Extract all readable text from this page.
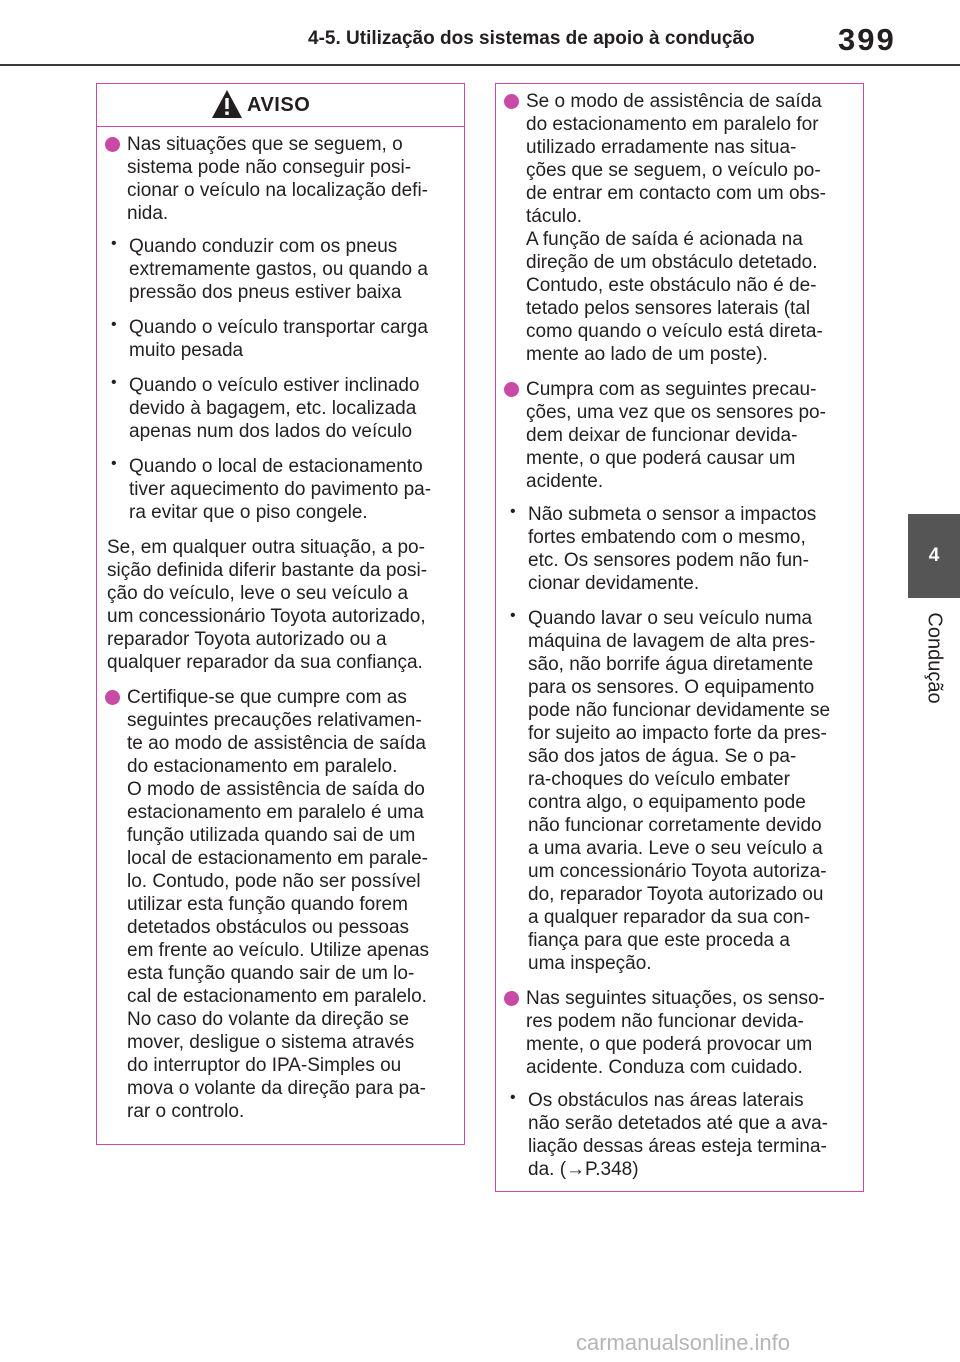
4-5. Utilização dos sistemas de apoio à condução	399
4
Condução
AVISO

Nas situações que se seguem, o
sistema pode não conseguir posi-
cionar o veículo na localização defi-
nida.

• Quando conduzir com os pneus
extremamente gastos, ou quando a
pressão dos pneus estiver baixa

• Quando o veículo transportar carga
muito pesada

• Quando o veículo estiver inclinado
devido à bagagem, etc. localizada
apenas num dos lados do veículo

• Quando o local de estacionamento
tiver aquecimento do pavimento pa-
ra evitar que o piso congele.

Se, em qualquer outra situação, a po-
sição definida diferir bastante da posi-
ção do veículo, leve o seu veículo a
um concessionário Toyota autorizado,
reparador Toyota autorizado ou a
qualquer reparador da sua confiança.

Certifique-se que cumpre com as
seguintes precauções relativamen-
te ao modo de assistência de saída
do estacionamento em paralelo.
O modo de assistência de saída do
estacionamento em paralelo é uma
função utilizada quando sai de um
local de estacionamento em parale-
lo. Contudo, pode não ser possível
utilizar esta função quando forem
detetados obstáculos ou pessoas
em frente ao veículo. Utilize apenas
esta função quando sair de um lo-
cal de estacionamento em paralelo.
No caso do volante da direção se
mover, desligue o sistema através
do interruptor do IPA-Simples ou
mova o volante da direção para pa-
rar o controlo.

Se o modo de assistência de saída
do estacionamento em paralelo for
utilizado erradamente nas situa-
ções que se seguem, o veículo po-
de entrar em contacto com um obs-
táculo.
A função de saída é acionada na
direção de um obstáculo detetado.
Contudo, este obstáculo não é de-
tetado pelos sensores laterais (tal
como quando o veículo está direta-
mente ao lado de um poste).

Cumpra com as seguintes precau-
ções, uma vez que os sensores po-
dem deixar de funcionar devida-
mente, o que poderá causar um
acidente.

• Não submeta o sensor a impactos
fortes embatendo com o mesmo,
etc. Os sensores podem não fun-
cionar devidamente.

• Quando lavar o seu veículo numa
máquina de lavagem de alta pres-
são, não borrife água diretamente
para os sensores. O equipamento
pode não funcionar devidamente se
for sujeito ao impacto forte da pres-
são dos jatos de água. Se o pa-
ra-choques do veículo embater
contra algo, o equipamento pode
não funcionar corretamente devido
a uma avaria. Leve o seu veículo a
um concessionário Toyota autoriza-
do, reparador Toyota autorizado ou
a qualquer reparador da sua con-
fiança para que este proceda a
uma inspeção.

Nas seguintes situações, os senso-
res podem não funcionar devida-
mente, o que poderá provocar um
acidente. Conduza com cuidado.

• Os obstáculos nas áreas laterais
não serão detetados até que a ava-
liação dessas áreas esteja termina-
da. (→P.348)

carmanualsonline.info
